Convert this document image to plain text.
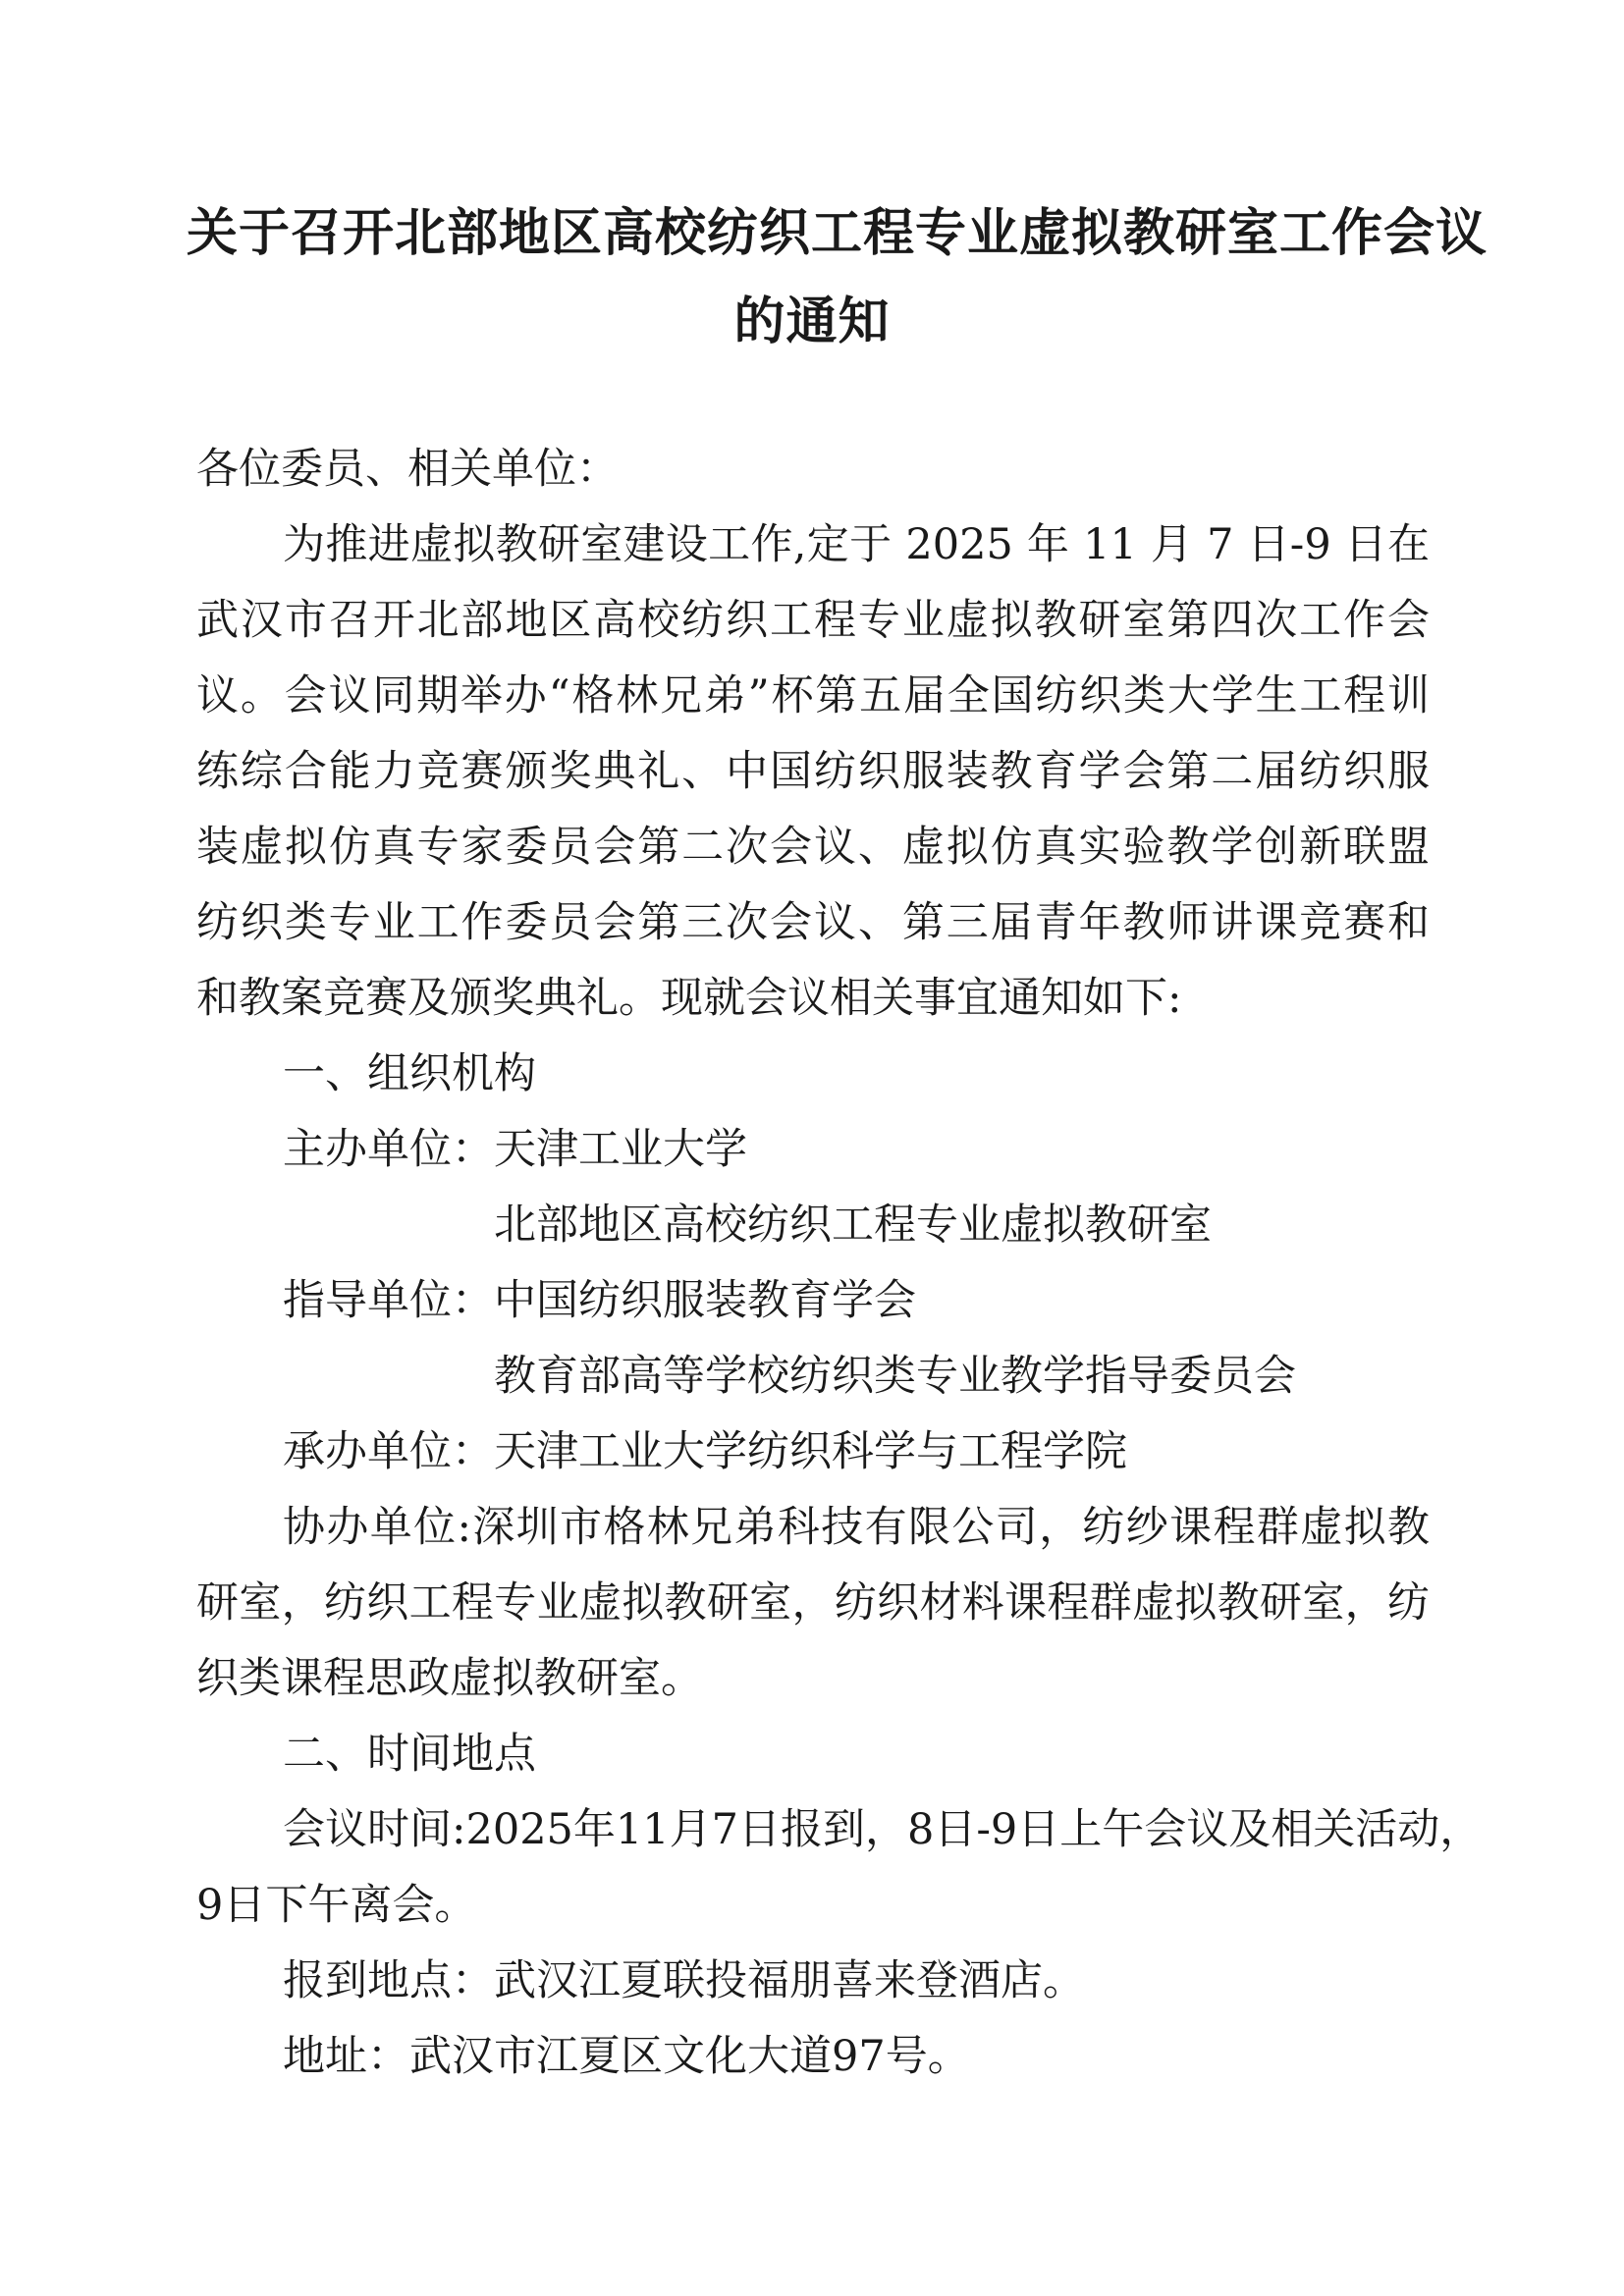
关于召开北部地区高校纺织工程专业虚拟教研室工作会议
的通知
各位委员、相关单位：
为推进虚拟教研室建设工作,定于 2025 年 11 月 7 日-9 日在
武汉市召开北部地区高校纺织工程专业虚拟教研室第四次工作会
议。会议同期举办“格林兄弟”杯第五届全国纺织类大学生工程训
练综合能力竞赛颁奖典礼、中国纺织服装教育学会第二届纺织服
装虚拟仿真专家委员会第二次会议、虚拟仿真实验教学创新联盟
纺织类专业工作委员会第三次会议、第三届青年教师讲课竞赛和
和教案竞赛及颁奖典礼。现就会议相关事宜通知如下:
一、组织机构
主办单位： 天津工业大学
北部地区高校纺织工程专业虚拟教研室
指导单位： 中国纺织服装教育学会
教育部高等学校纺织类专业教学指导委员会
承办单位： 天津工业大学纺织科学与工程学院
协办单位:深圳市格林兄弟科技有限公司，纺纱课程群虚拟教
研室，纺织工程专业虚拟教研室，纺织材料课程群虚拟教研室，纺
织类课程思政虚拟教研室。
二、时间地点
会议时间:2025年11月7日报到，8日-9日上午会议及相关活动，
9日下午离会。
报到地点：武汉江夏联投福朋喜来登酒店。
地址：武汉市江夏区文化大道97号。
